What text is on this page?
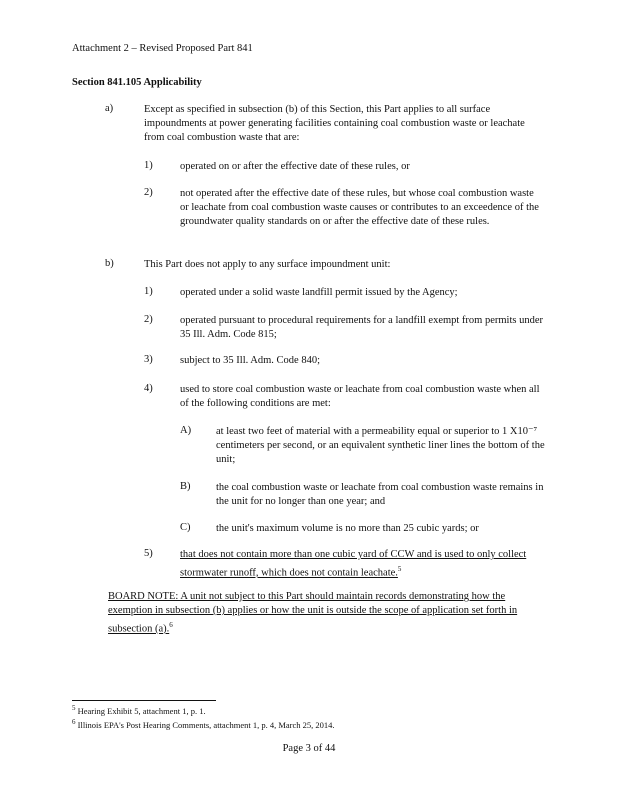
Attachment 2 – Revised Proposed Part 841
Section 841.105 Applicability
a)	Except as specified in subsection (b) of this Section, this Part applies to all surface impoundments at power generating facilities containing coal combustion waste or leachate from coal combustion waste that are:
1)	operated on or after the effective date of these rules, or
2)	not operated after the effective date of these rules, but whose coal combustion waste or leachate from coal combustion waste causes or contributes to an exceedence of the groundwater quality standards on or after the effective date of these rules.
b)	This Part does not apply to any surface impoundment unit:
1)	operated under a solid waste landfill permit issued by the Agency;
2)	operated pursuant to procedural requirements for a landfill exempt from permits under 35 Ill. Adm. Code 815;
3)	subject to 35 Ill. Adm. Code 840;
4)	used to store coal combustion waste or leachate from coal combustion waste when all of the following conditions are met:
A) at least two feet of material with a permeability equal or superior to 1 X10⁻⁷ centimeters per second, or an equivalent synthetic liner lines the bottom of the unit;
B) the coal combustion waste or leachate from coal combustion waste remains in the unit for no longer than one year; and
C) the unit's maximum volume is no more than 25 cubic yards; or
5)	that does not contain more than one cubic yard of CCW and is used to only collect stormwater runoff, which does not contain leachate.$^5$
BOARD NOTE: A unit not subject to this Part should maintain records demonstrating how the exemption in subsection (b) applies or how the unit is outside the scope of application set forth in subsection (a).$^6$
$^5$ Hearing Exhibit 5, attachment 1, p. 1.
$^6$ Illinois EPA's Post Hearing Comments, attachment 1, p. 4, March 25, 2014.
Page 3 of 44
